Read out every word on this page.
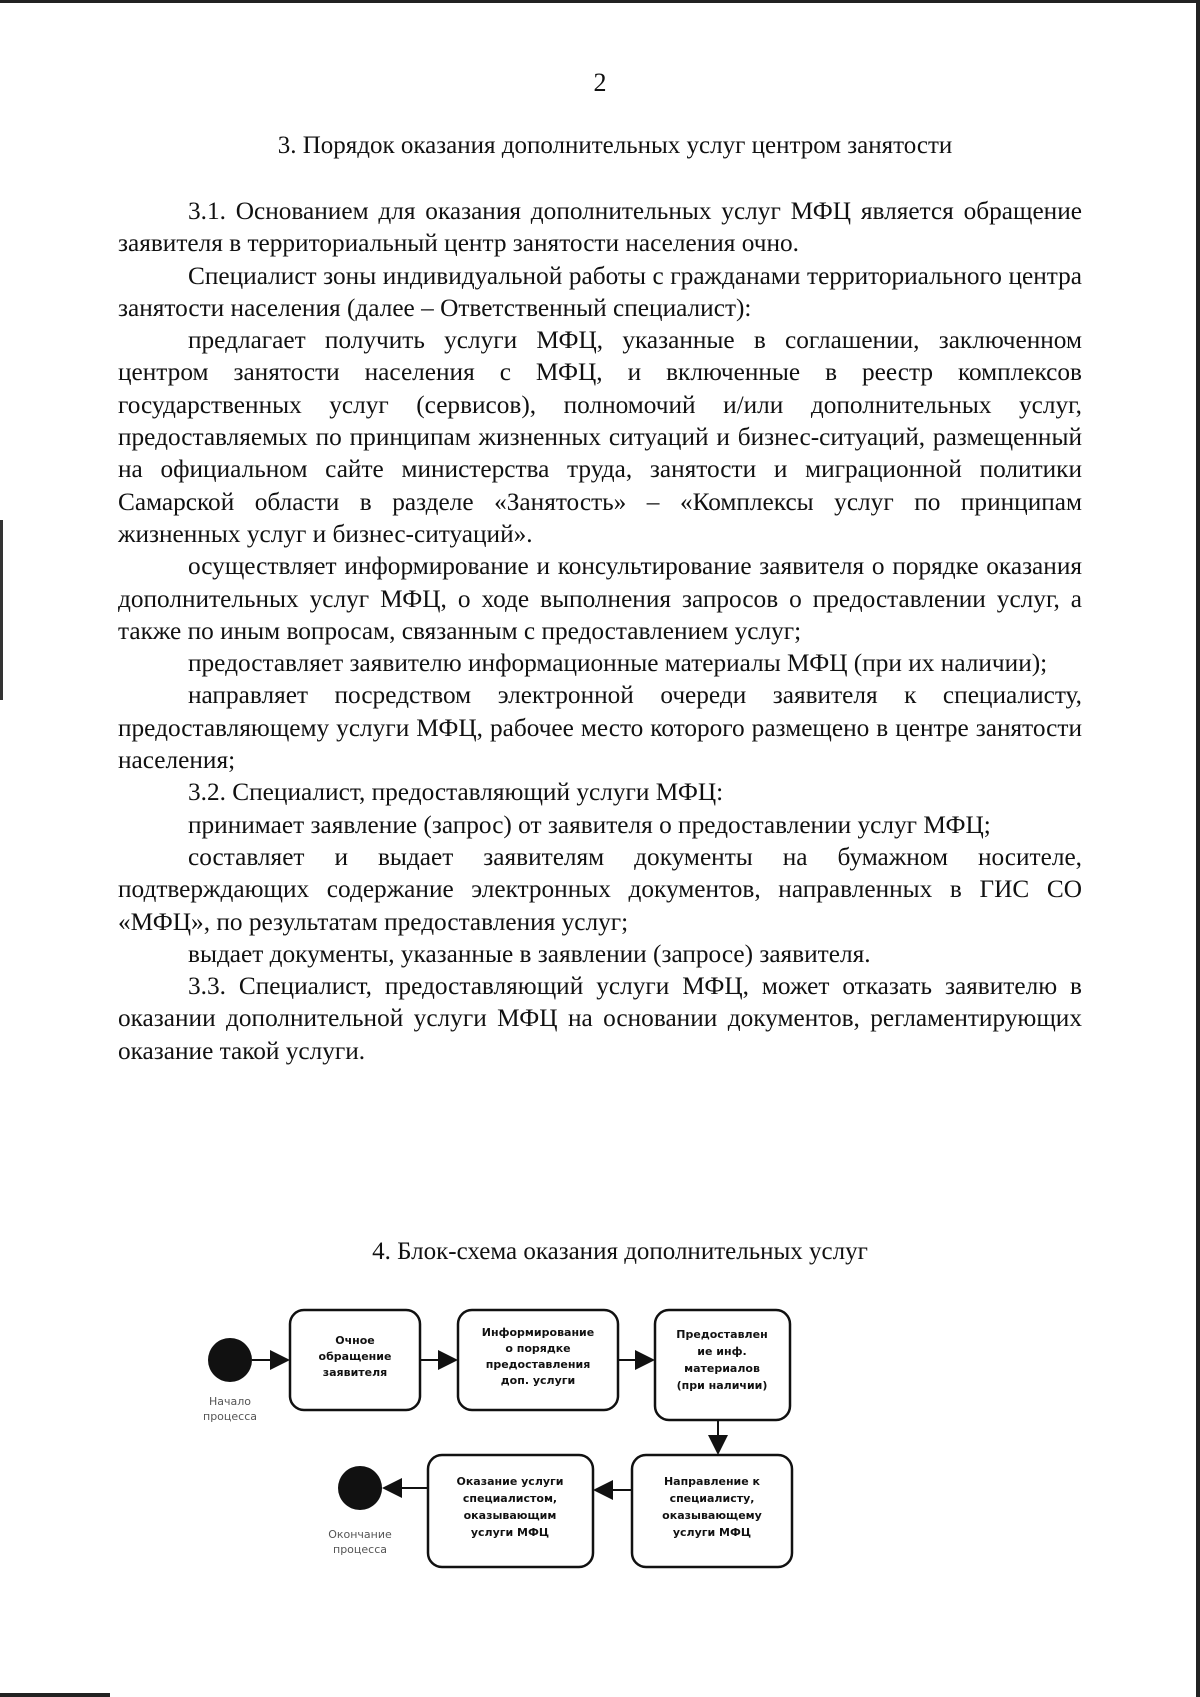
2
3. Порядок оказания дополнительных услуг центром занятости

3.1. Основанием для оказания дополнительных услуг МФЦ является обращение заявителя в территориальный центр занятости населения очно.

Специалист зоны индивидуальной работы с гражданами территориального центра занятости населения (далее – Ответственный специалист):

предлагает получить услуги МФЦ, указанные в соглашении, заключенном центром занятости населения с МФЦ, и включенные в реестр комплексов государственных услуг (сервисов), полномочий и/или дополнительных услуг, предоставляемых по принципам жизненных ситуаций и бизнес-ситуаций, размещенный на официальном сайте министерства труда, занятости и миграционной политики Самарской области в разделе «Занятость» – «Комплексы услуг по принципам жизненных услуг и бизнес-ситуаций».

осуществляет информирование и консультирование заявителя о порядке оказания дополнительных услуг МФЦ, о ходе выполнения запросов о предоставлении услуг, а также по иным вопросам, связанным с предоставлением услуг;

предоставляет заявителю информационные материалы МФЦ (при их наличии);

направляет посредством электронной очереди заявителя к специалисту, предоставляющему услуги МФЦ, рабочее место которого размещено в центре занятости населения;

3.2. Специалист, предоставляющий услуги МФЦ:

принимает заявление (запрос) от заявителя о предоставлении услуг МФЦ;

составляет и выдает заявителям документы на бумажном носителе, подтверждающих содержание электронных документов, направленных в ГИС СО «МФЦ», по результатам предоставления услуг;

выдает документы, указанные в заявлении (запросе) заявителя.

3.3. Специалист, предоставляющий услуги МФЦ, может отказать заявителю в оказании дополнительной услуги МФЦ на основании документов, регламентирующих оказание такой услуги.

4. Блок-схема оказания дополнительных услуг
Начало
процесса
Очное
обращение
заявителя
Информирование
о порядке
предоставления
доп. услуги
Предоставлен
ие инф.
материалов
(при наличии)
Направление к
специалисту,
оказывающему
услуги МФЦ
Оказание услуги
специалистом,
оказывающим
услуги МФЦ
Окончание
процесса
